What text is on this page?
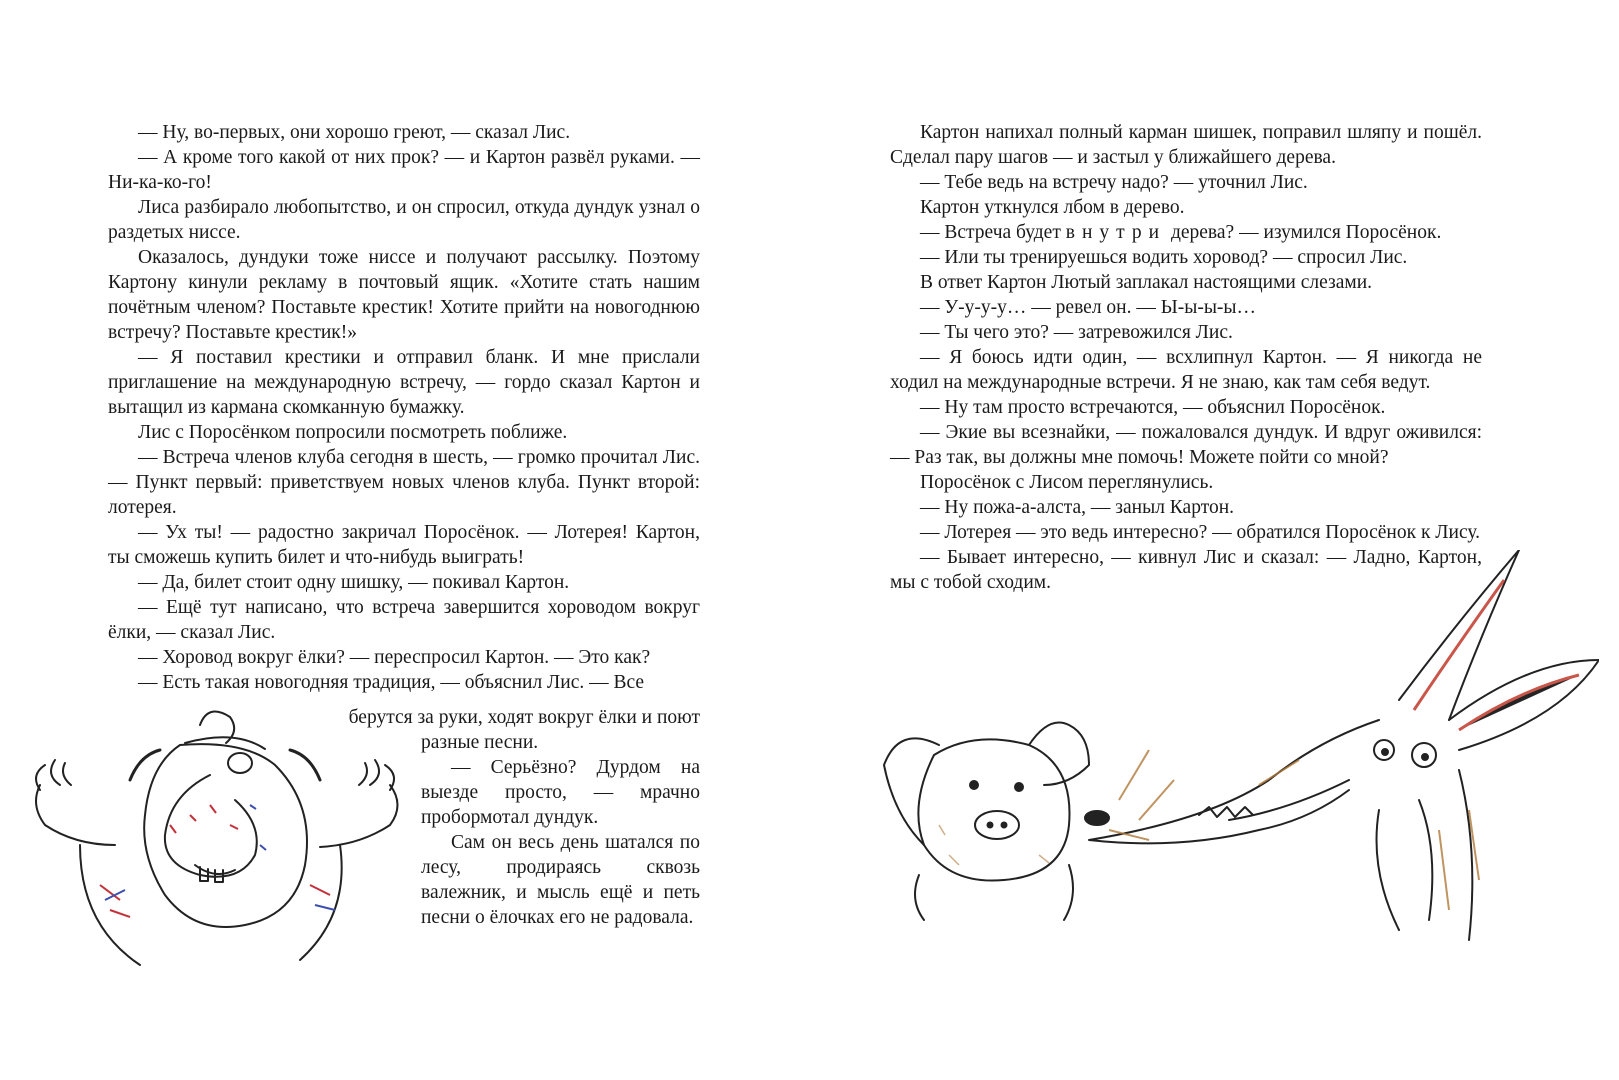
— Ну, во-первых, они хорошо греют, — сказал Лис.

— А кроме того какой от них прок? — и Картон развёл руками. — Ни-ка-ко-го!

Лиса разбирало любопытство, и он спросил, откуда дундук узнал о раздетых ниссе.

Оказалось, дундуки тоже ниссе и получают рассылку. Поэтому Картону кинули рекламу в почтовый ящик. «Хотите стать нашим почётным членом? Поставьте крестик! Хотите прийти на новогоднюю встречу? Поставьте крестик!»

— Я поставил крестики и отправил бланк. И мне прислали приглашение на международную встречу, — гордо сказал Картон и вытащил из кармана скомканную бумажку.

Лис с Поросёнком попросили посмотреть поближе.

— Встреча членов клуба сегодня в шесть, — громко прочитал Лис. — Пункт первый: приветствуем новых членов клуба. Пункт второй: лотерея.

— Ух ты! — радостно закричал Поросёнок. — Лотерея! Картон, ты сможешь купить билет и что-нибудь выиграть!

— Да, билет стоит одну шишку, — покивал Картон.

— Ещё тут написано, что встреча завершится хороводом вокруг ёлки, — сказал Лис.

— Хоровод вокруг ёлки? — переспросил Картон. — Это как?

— Есть такая новогодняя традиция, — объяснил Лис. — Все

берутся за руки, ходят вокруг ёлки и поют

разные песни.

— Серьёзно? Дурдом на выезде просто, — мрачно пробормотал дундук.

Сам он весь день шатался по лесу, продираясь сквозь валежник, и мысль ещё и петь песни о ёлочках его не радовала.

Картон напихал полный карман шишек, поправил шляпу и пошёл. Сделал пару шагов — и застыл у ближайшего дерева.

— Тебе ведь на встречу надо? — уточнил Лис.

Картон уткнулся лбом в дерево.

— Встреча будет внутри дерева? — изумился Поросёнок.

— Или ты тренируешься водить хоровод? — спросил Лис.

В ответ Картон Лютый заплакал настоящими слезами.

— У-у-у-у… — ревел он. — Ы-ы-ы-ы…

— Ты чего это? — затревожился Лис.

— Я боюсь идти один, — всхлипнул Картон. — Я никогда не ходил на международные встречи. Я не знаю, как там себя ведут.

— Ну там просто встречаются, — объяснил Поросёнок.

— Экие вы всезнайки, — пожаловался дундук. И вдруг оживился: — Раз так, вы должны мне помочь! Можете пойти со мной?

Поросёнок с Лисом переглянулись.

— Ну пожа-а-алста, — заныл Картон.

— Лотерея — это ведь интересно? — обратился Поросёнок к Лису.

— Бывает интересно, — кивнул Лис и сказал: — Ладно, Картон, мы с тобой сходим.
